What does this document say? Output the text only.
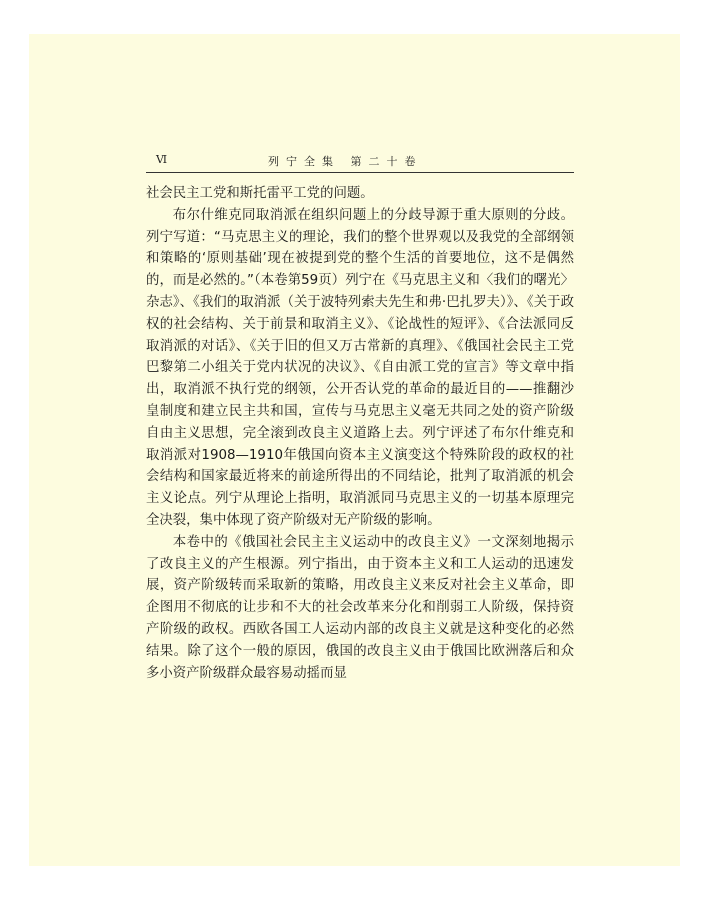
Ⅵ	列宁全集 第二十卷

社会民主工党和斯托雷平工党的问题。

布尔什维克同取消派在组织问题上的分歧导源于重大原则的分歧。列宁写道：“马克思主义的理论，我们的整个世界观以及我党的全部纲领和策略的‘原则基础’现在被提到党的整个生活的首要地位，这不是偶然的，而是必然的。”（本卷第59页）列宁在《马克思主义和〈我们的曙光〉杂志》、《我们的取消派（关于波特列索夫先生和弗·巴扎罗夫）》、《关于政权的社会结构、关于前景和取消主义》、《论战性的短评》、《合法派同反取消派的对话》、《关于旧的但又万古常新的真理》、《俄国社会民主工党巴黎第二小组关于党内状况的决议》、《自由派工党的宣言》等文章中指出，取消派不执行党的纲领，公开否认党的革命的最近目的——推翻沙皇制度和建立民主共和国，宣传与马克思主义毫无共同之处的资产阶级自由主义思想，完全滚到改良主义道路上去。列宁评述了布尔什维克和取消派对1908—1910年俄国向资本主义演变这个特殊阶段的政权的社会结构和国家最近将来的前途所得出的不同结论，批判了取消派的机会主义论点。列宁从理论上指明，取消派同马克思主义的一切基本原理完全决裂，集中体现了资产阶级对无产阶级的影响。

本卷中的《俄国社会民主主义运动中的改良主义》一文深刻地揭示了改良主义的产生根源。列宁指出，由于资本主义和工人运动的迅速发展，资产阶级转而采取新的策略，用改良主义来反对社会主义革命，即企图用不彻底的让步和不大的社会改革来分化和削弱工人阶级，保持资产阶级的政权。西欧各国工人运动内部的改良主义就是这种变化的必然结果。除了这个一般的原因，俄国的改良主义由于俄国比欧洲落后和众多小资产阶级群众最容易动摇而显
